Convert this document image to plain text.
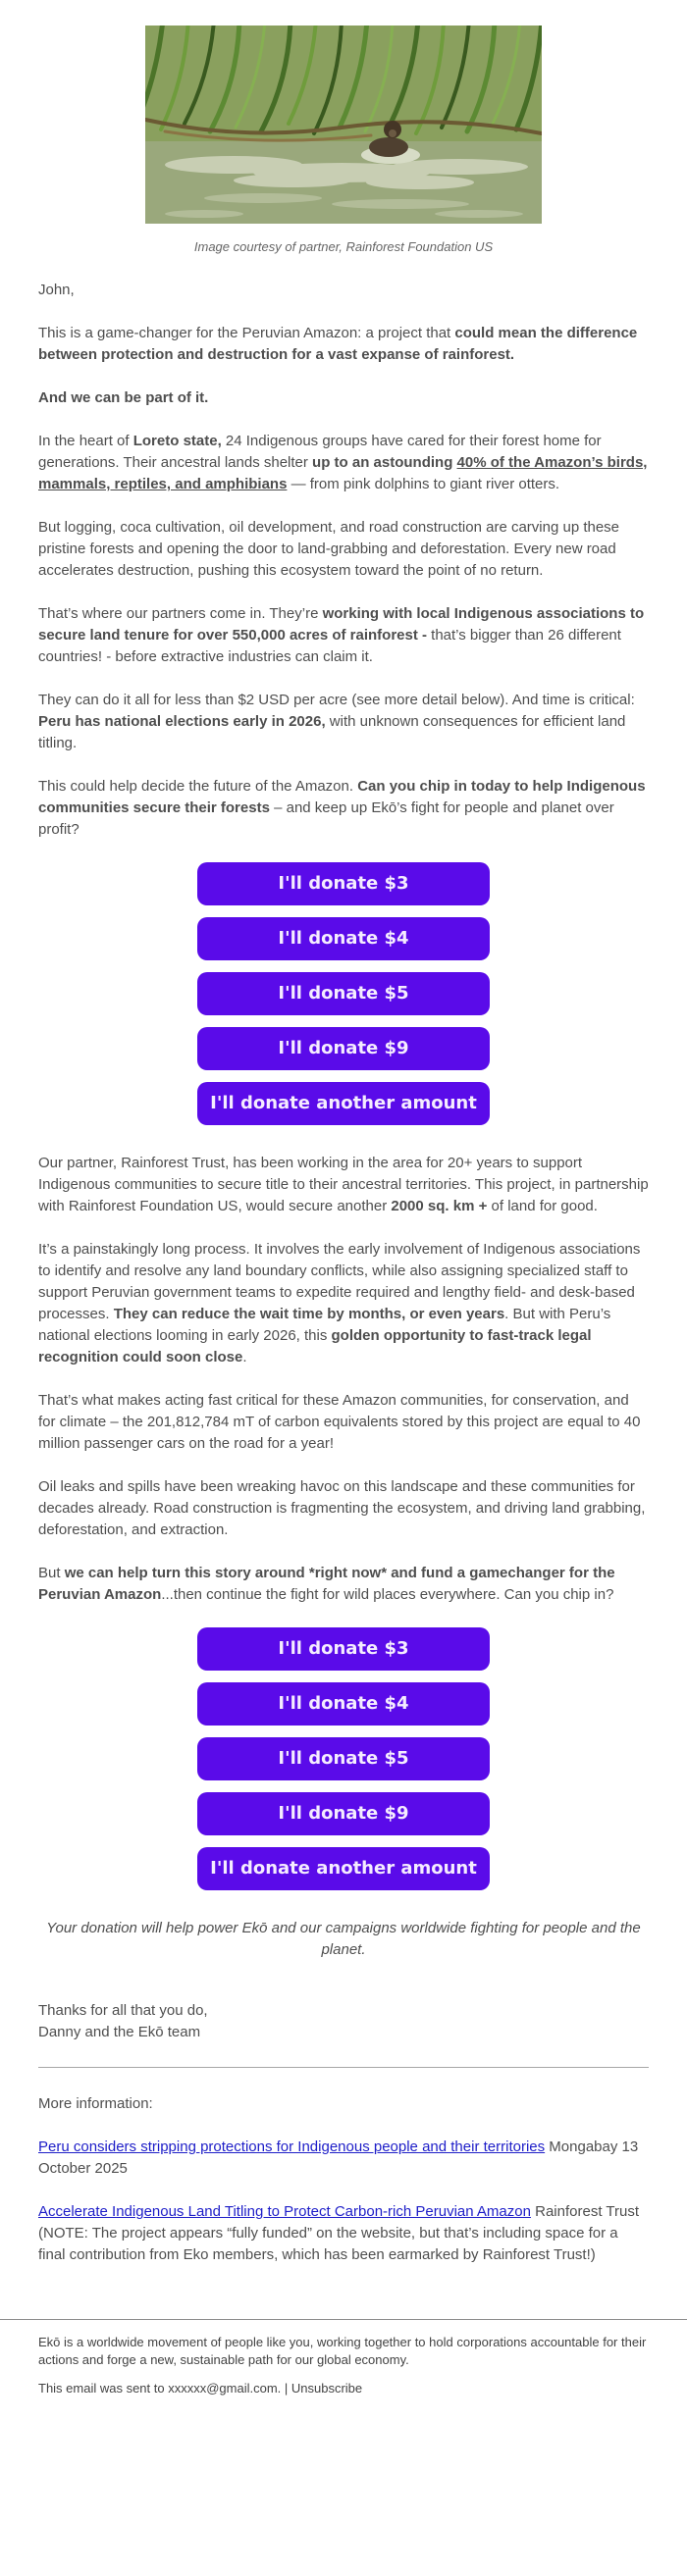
Image courtesy of partner, Rainforest Foundation US

John,

This is a game-changer for the Peruvian Amazon: a project that could mean the difference between protection and destruction for a vast expanse of rainforest.

And we can be part of it.

In the heart of Loreto state, 24 Indigenous groups have cared for their forest home for generations. Their ancestral lands shelter up to an astounding 40% of the Amazon’s birds, mammals, reptiles, and amphibians — from pink dolphins to giant river otters.

But logging, coca cultivation, oil development, and road construction are carving up these pristine forests and opening the door to land-grabbing and deforestation. Every new road accelerates destruction, pushing this ecosystem toward the point of no return.

That’s where our partners come in. They’re working with local Indigenous associations to secure land tenure for over 550,000 acres of rainforest - that’s bigger than 26 different countries! - before extractive industries can claim it.

They can do it all for less than $2 USD per acre (see more detail below). And time is critical: Peru has national elections early in 2026, with unknown consequences for efficient land titling.

This could help decide the future of the Amazon. Can you chip in today to help Indigenous communities secure their forests – and keep up Ekō’s fight for people and planet over profit?

I'll donate $3
I'll donate $4
I'll donate $5
I'll donate $9
I'll donate another amount

Our partner, Rainforest Trust, has been working in the area for 20+ years to support Indigenous communities to secure title to their ancestral territories. This project, in partnership with Rainforest Foundation US, would secure another 2000 sq. km + of land for good.

It’s a painstakingly long process. It involves the early involvement of Indigenous associations to identify and resolve any land boundary conflicts, while also assigning specialized staff to support Peruvian government teams to expedite required and lengthy field- and desk-based processes. They can reduce the wait time by months, or even years. But with Peru’s national elections looming in early 2026, this golden opportunity to fast-track legal recognition could soon close.

That’s what makes acting fast critical for these Amazon communities, for conservation, and for climate – the 201,812,784 mT of carbon equivalents stored by this project are equal to 40 million passenger cars on the road for a year!

Oil leaks and spills have been wreaking havoc on this landscape and these communities for decades already. Road construction is fragmenting the ecosystem, and driving land grabbing, deforestation, and extraction.

But we can help turn this story around *right now* and fund a gamechanger for the Peruvian Amazon...then continue the fight for wild places everywhere. Can you chip in?

I'll donate $3
I'll donate $4
I'll donate $5
I'll donate $9
I'll donate another amount

Your donation will help power Ekō and our campaigns worldwide fighting for people and the planet.

Thanks for all that you do,
Danny and the Ekō team

More information:

Peru considers stripping protections for Indigenous people and their territories Mongabay 13 October 2025

Accelerate Indigenous Land Titling to Protect Carbon-rich Peruvian Amazon Rainforest Trust (NOTE: The project appears “fully funded” on the website, but that’s including space for a final contribution from Eko members, which has been earmarked by Rainforest Trust!)

Ekō is a worldwide movement of people like you, working together to hold corporations accountable for their actions and forge a new, sustainable path for our global economy.

This email was sent to xxxxxx@gmail.com. | Unsubscribe
